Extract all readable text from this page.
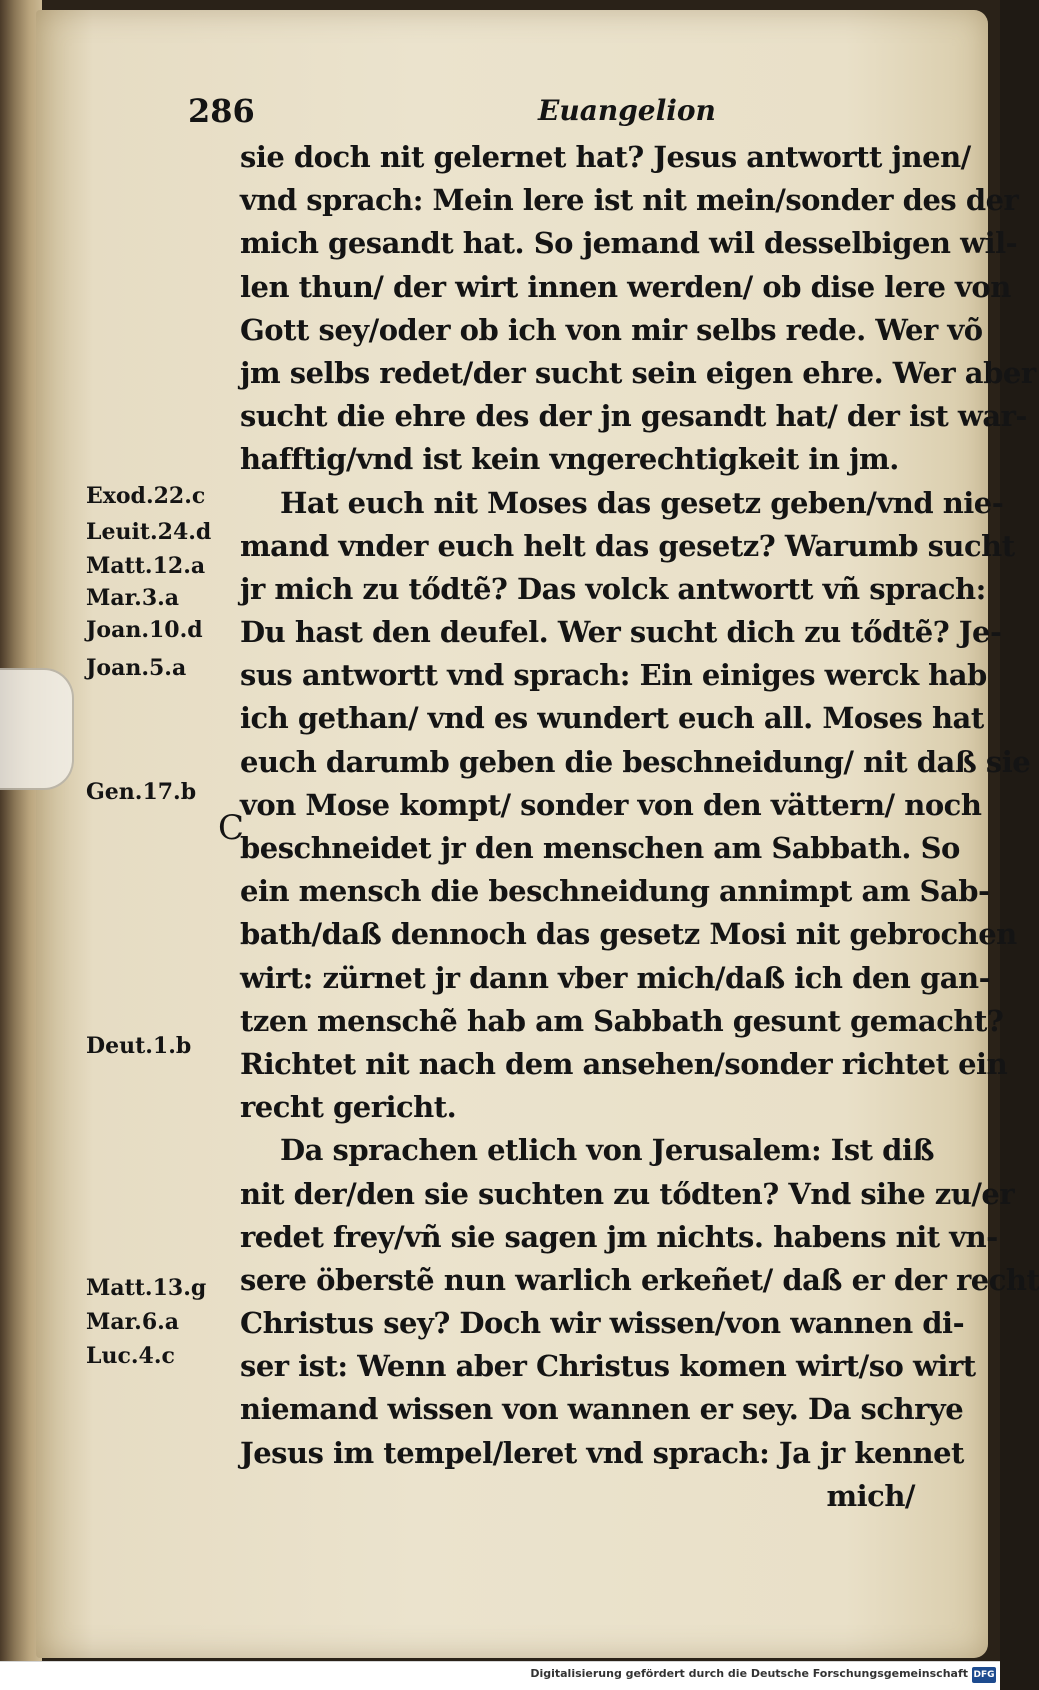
286	Euangelion
sie doch nit gelernet hat? Jesus antwortt jnen/
vnd sprach: Mein lere ist nit mein/sonder des der
mich gesandt hat. So jemand wil desselbigen wil-
len thun/ der wirt innen werden/ ob dise lere von
Gott sey/oder ob ich von mir selbs rede. Wer võ
jm selbs redet/der sucht sein eigen ehre. Wer aber
sucht die ehre des der jn gesandt hat/ der ist war-
hafftig/vnd ist kein vngerechtigkeit in jm.
Hat euch nit Moses das gesetz geben/vnd nie-
mand vnder euch helt das gesetz? Warumb sucht
jr mich zu tődtẽ? Das volck antwortt vñ sprach:
Du hast den deufel. Wer sucht dich zu tődtẽ? Je-
sus antwortt vnd sprach: Ein einiges werck hab
ich gethan/ vnd es wundert euch all. Moses hat
euch darumb geben die beschneidung/ nit daß sie
von Mose kompt/ sonder von den vättern/ noch
beschneidet jr den menschen am Sabbath. So
ein mensch die beschneidung annimpt am Sab-
bath/daß dennoch das gesetz Mosi nit gebrochen
wirt: zürnet jr dann vber mich/daß ich den gan-
tzen menschẽ hab am Sabbath gesunt gemacht?
Richtet nit nach dem ansehen/sonder richtet ein
recht gericht.
Da sprachen etlich von Jerusalem: Ist diß
nit der/den sie suchten zu tődten? Vnd sihe zu/er
redet frey/vñ sie sagen jm nichts. habens nit vn-
sere öberstẽ nun warlich erkeñet/ daß er der recht
Christus sey? Doch wir wissen/von wannen di-
ser ist: Wenn aber Christus komen wirt/so wirt
niemand wissen von wannen er sey. Da schrye
Jesus im tempel/leret vnd sprach: Ja jr kennet
mich/
Exod.22.c
Leuit.24.d
Matt.12.a
Mar.3.a
Joan.10.d
Joan.5.a
Gen.17.b
C
Deut.1.b
Matt.13.g
Mar.6.a
Luc.4.c
Digitalisierung gefördert durch die Deutsche Forschungsgemeinschaft DFG
